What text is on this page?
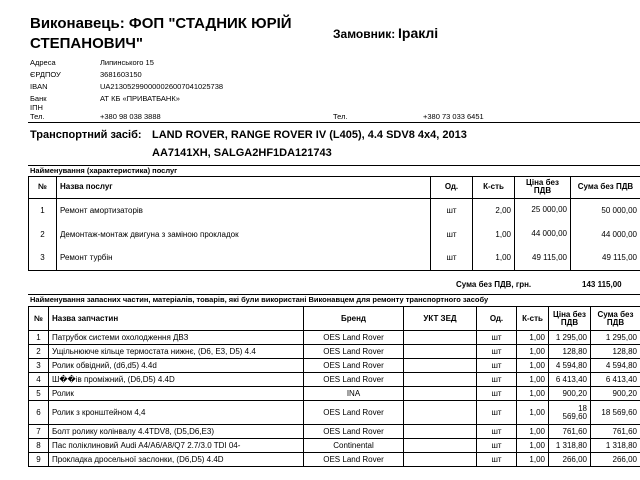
Виконавець: ФОП "СТАДНИК ЮРІЙ
СТЕПАНОВИЧ"
Замовник: Іраклі
Адреса	Липинського 15
ЄРДПОУ	3681603150
IBAN	UA213052990000026007041025738
Банк	АТ КБ «ПРИВАТБАНК»
ІПН
Тел.	+380 98 038 3888	Тел.	+380 73 033 6451
Транспортний засіб: LAND ROVER, RANGE ROVER IV (L405), 4.4 SDV8 4x4, 2013
AA7141XH, SALGA2HF1DA121743
Найменування (характеристика) послуг
№	Назва послуг	Од.	К-сть	Ціна без ПДВ	Сума без ПДВ
1	Ремонт амортизаторів	шт	2,00	25 000,00	50 000,00
2	Демонтаж-монтаж двигуна з заміною прокладок	шт	1,00	44 000,00	44 000,00
3	Ремонт турбін	шт	1,00	49 115,00	49 115,00
Сума без ПДВ, грн.	143 115,00
Найменування запасних частин, матеріалів, товарів, які були використані Виконавцем для ремонту транспортного засобу
№	Назва запчастин	Бренд	УКТ ЗЕД	Од.	К-сть	Ціна без ПДВ	Сума без ПДВ
1	Патрубок системи охолодження ДВЗ	OES Land Rover		шт	1,00	1 295,00	1 295,00
2	Ущільнююче кільце термостата нижнє, (D6, E3, D5) 4.4	OES Land Rover		шт	1,00	128,80	128,80
3	Ролик обвідний, (d6,d5) 4.4d	OES Land Rover		шт	1,00	4 594,80	4 594,80
4	Ш��ів проміжний, (D6,D5) 4.4D	OES Land Rover		шт	1,00	6 413,40	6 413,40
5	Ролик	INA		шт	1,00	900,20	900,20
6	Ролик з кронштейном 4,4	OES Land Rover		шт	1,00	18 569,60	18 569,60
7	Болт ролику колінвалу 4.4TDV8, (D5,D6,E3)	OES Land Rover		шт	1,00	761,60	761,60
8	Пас поліклиновий Audi A4/A6/A8/Q7 2.7/3.0 TDI 04-	Continental		шт	1,00	1 318,80	1 318,80
9	Прокладка дросельної заслонки, (D6,D5) 4.4D	OES Land Rover		шт	1,00	266,00	266,00
